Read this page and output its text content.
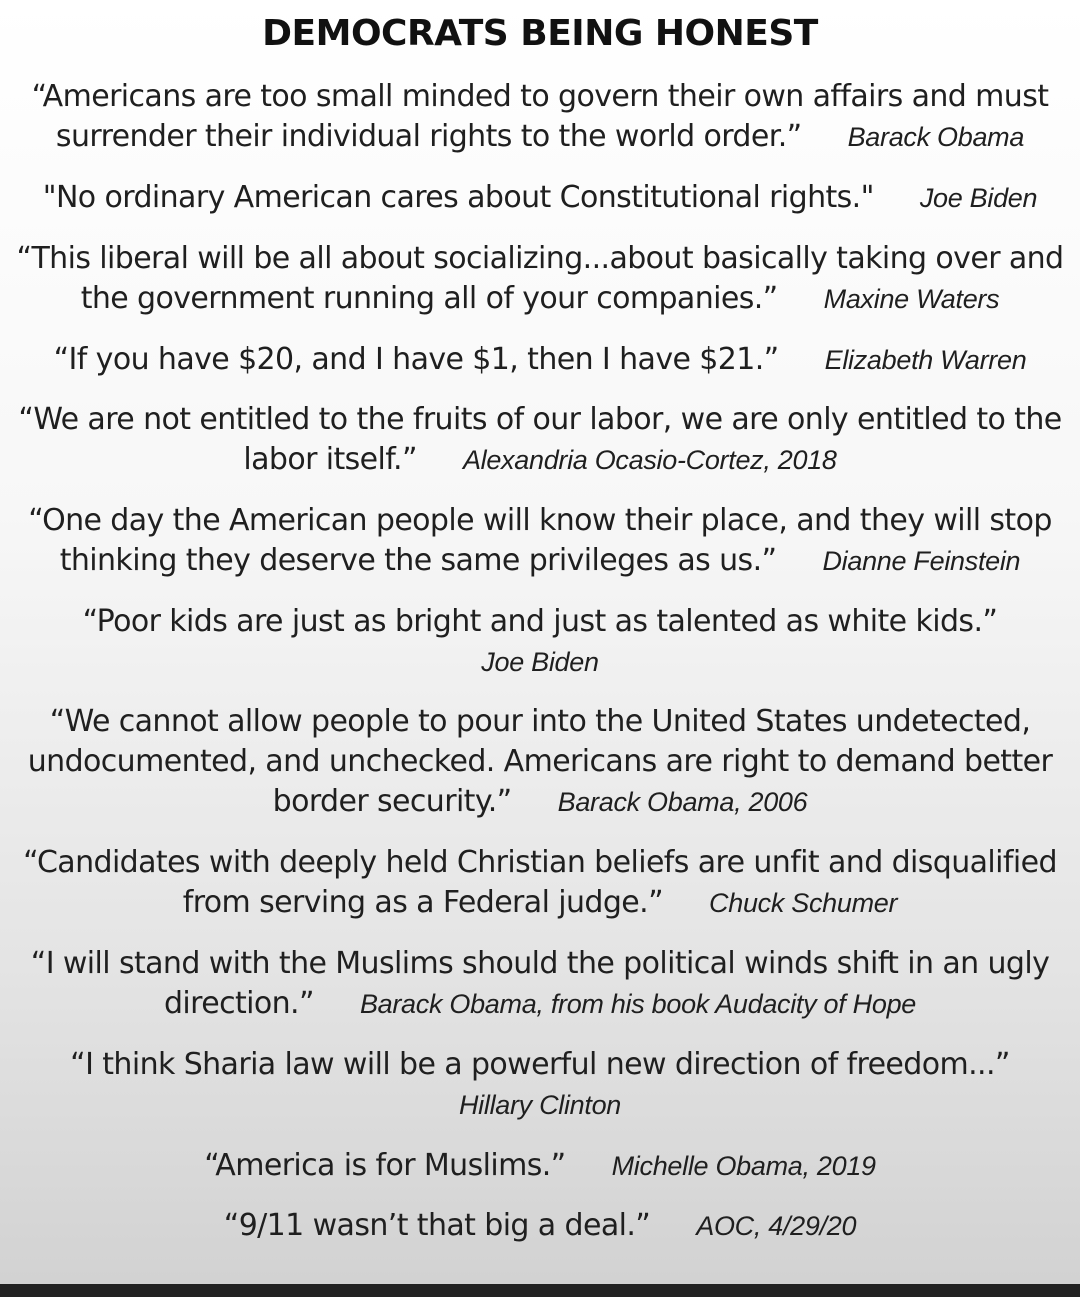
DEMOCRATS BEING HONEST
“Americans are too small minded to govern their own affairs and must surrender their individual rights to the world order.” Barack Obama
"No ordinary American cares about Constitutional rights." Joe Biden
“This liberal will be all about socializing...about basically taking over and the government running all of your companies.” Maxine Waters
“If you have $20, and I have $1, then I have $21.” Elizabeth Warren
“We are not entitled to the fruits of our labor, we are only entitled to the labor itself.” Alexandria Ocasio-Cortez, 2018
“One day the American people will know their place, and they will stop thinking they deserve the same privileges as us.” Dianne Feinstein
“Poor kids are just as bright and just as talented as white kids.”
Joe Biden
“We cannot allow people to pour into the United States undetected, undocumented, and unchecked. Americans are right to demand better border security.” Barack Obama, 2006
“Candidates with deeply held Christian beliefs are unfit and disqualified from serving as a Federal judge.” Chuck Schumer
“I will stand with the Muslims should the political winds shift in an ugly direction.” Barack Obama, from his book Audacity of Hope
“I think Sharia law will be a powerful new direction of freedom...”
Hillary Clinton
“America is for Muslims.” Michelle Obama, 2019
“9/11 wasn’t that big a deal.” AOC, 4/29/20
